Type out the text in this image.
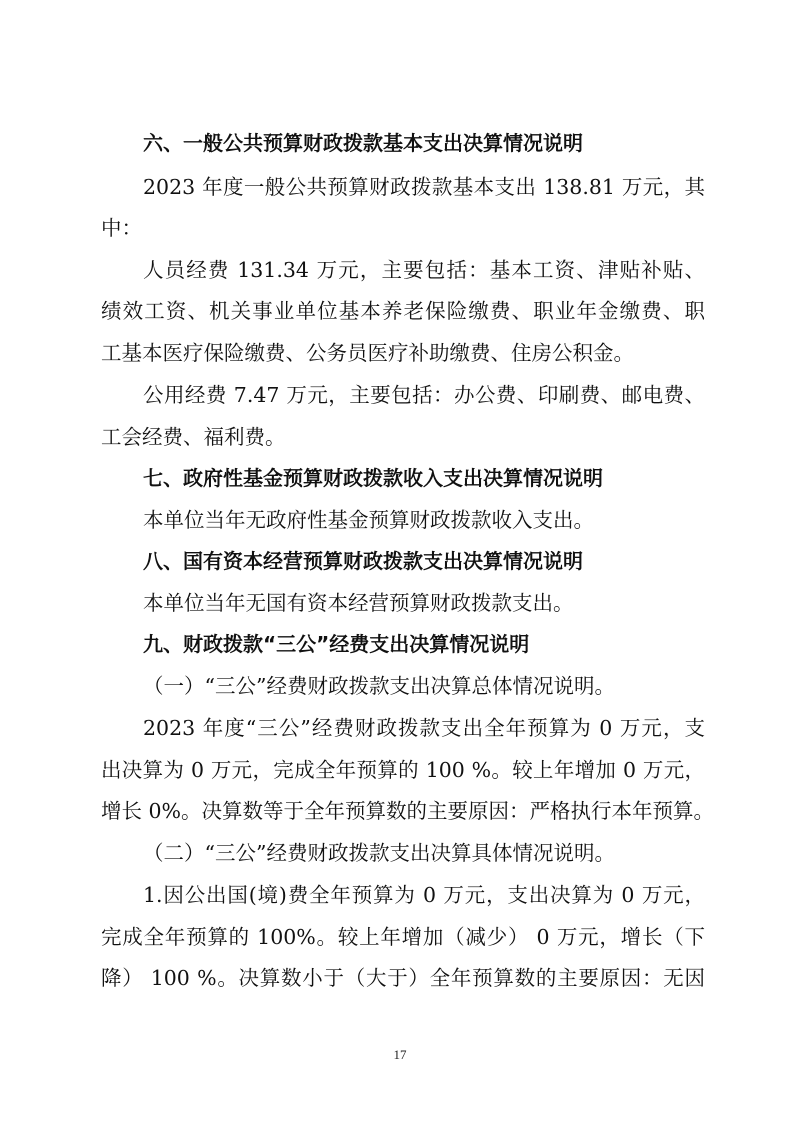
六、一般公共预算财政拨款基本支出决算情况说明
2023 年度一般公共预算财政拨款基本支出 138.81 万元，其
中：
人员经费 131.34 万元，主要包括：基本工资、津贴补贴、
绩效工资、机关事业单位基本养老保险缴费、职业年金缴费、职
工基本医疗保险缴费、公务员医疗补助缴费、住房公积金。
公用经费 7.47 万元，主要包括：办公费、印刷费、邮电费、
工会经费、福利费。
七、政府性基金预算财政拨款收入支出决算情况说明
本单位当年无政府性基金预算财政拨款收入支出。
八、国有资本经营预算财政拨款支出决算情况说明
本单位当年无国有资本经营预算财政拨款支出。
九、财政拨款“三公”经费支出决算情况说明
（一）“三公”经费财政拨款支出决算总体情况说明。
2023 年度“三公”经费财政拨款支出全年预算为 0 万元，支
出决算为 0 万元，完成全年预算的 100 %。较上年增加 0 万元，
增长 0%。决算数等于全年预算数的主要原因：严格执行本年预算。
（二）“三公”经费财政拨款支出决算具体情况说明。
1.因公出国(境)费全年预算为 0 万元，支出决算为 0 万元，
完成全年预算的 100%。较上年增加（减少） 0 万元，增长（下
降） 100 %。决算数小于（大于）全年预算数的主要原因：无因
17
